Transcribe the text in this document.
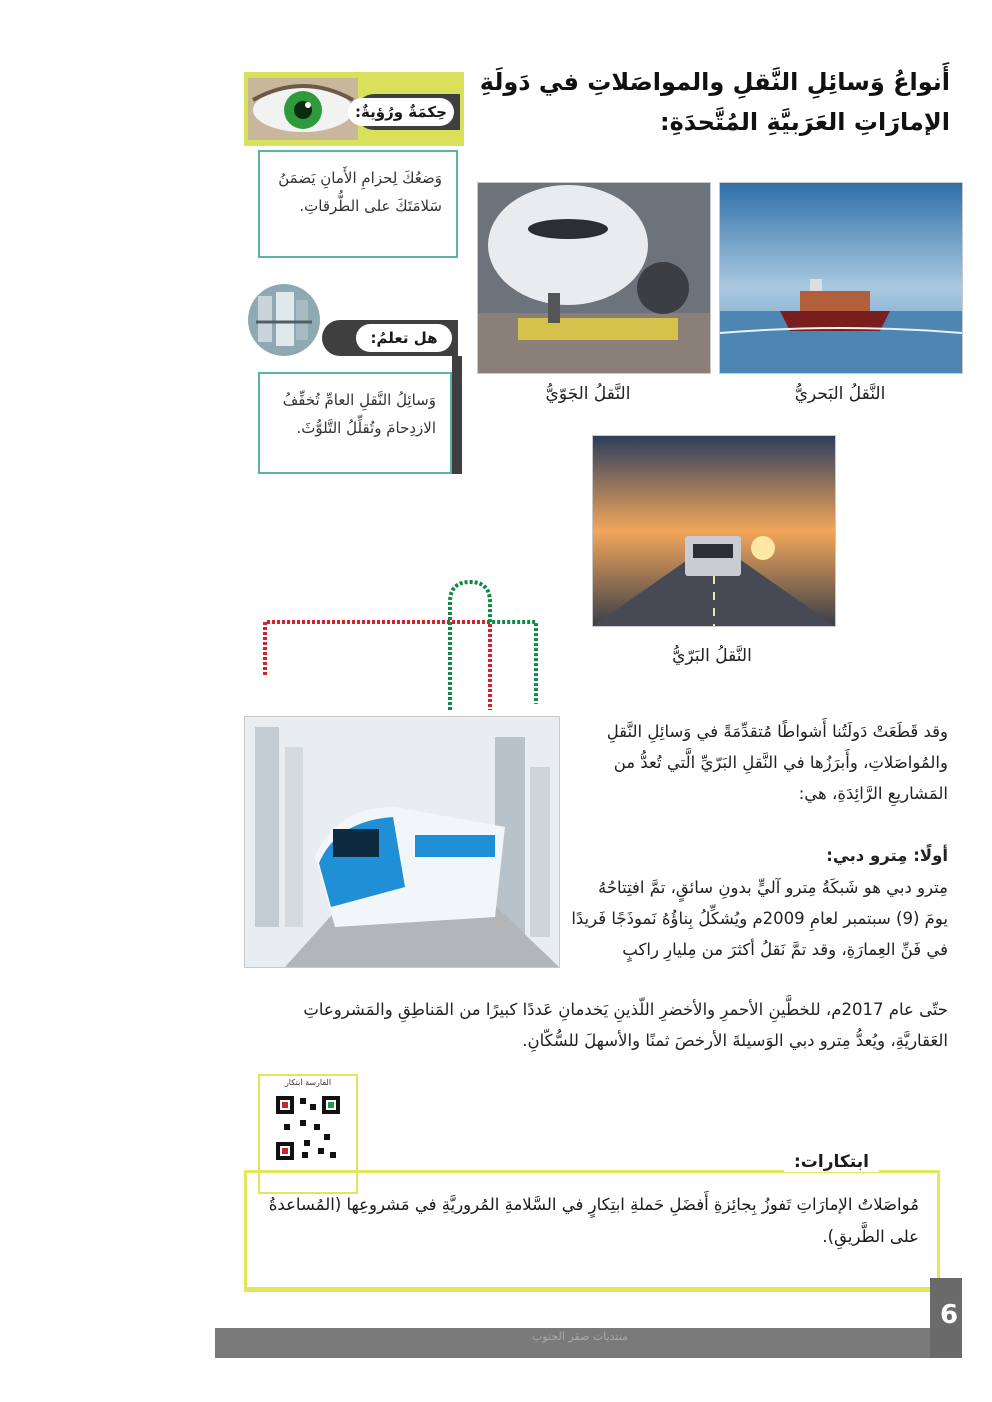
أَنواعُ وَسائِلِ النَّقلِ والمواصَلاتِ في دَولَةِ الإمارَاتِ العَرَبيَّةِ المُتَّحدَةِ:
حِكمَةٌ ورُؤيةٌ:
وَضعُكَ لِحزامِ الأَمانِ يَضمَنُ سَلامَتَكَ على الطُّرقاتِ.
هل تعلمُ:
وَسائِلُ النَّقلِ العامِّ تُخفِّفُ الازدِحامَ وتُقلِّلُ التَّلوُّثَ.
النَّقلُ البَحريُّ
النَّقلُ الجَوّيُّ
النَّقلُ البَرّيُّ
وقد قَطَعَتْ دَولَتُنا أَشواطًا مُتقدِّمَةً في وَسائِلِ النَّقلِ والمُواصَلاتِ، وأَبرَزُها في النَّقلِ البَرّيِّ الَّتي تُعدُّ من المَشاريعِ الرَّائِدَةِ، هي:
أولًا: مِترو دبي:
مِترو دبي هو شَبكَةُ مِترو آليٍّ بدونِ سائقٍ، تمَّ افتِتاحُهُ يومَ (9) سبتمبر لعامِ 2009م ويُشكِّلُ بِناؤُهُ نَموذَجًا فَريدًا في فَنِّ العِمارَةِ، وقد تمَّ نَقلُ أكثرَ من مِليارِ راكبٍ
حتّى عام 2017م، للخطَّينِ الأحمرِ والأخضرِ اللّذينِ يَخدمانِ عَددًا كبيرًا من المَناطِقِ والمَشروعاتِ العَقاريَّةِ، ويُعدُّ مِترو دبي الوَسيلةَ الأرخصَ ثمنًا والأسهلَ للسُّكّانِ.
الفارسة ابتكار
مُواصَلاتُ الإمارَاتِ تَفوزُ بِجائِزةِ أَفضَلِ حَملةِ ابتِكارٍ في السَّلامةِ المُروريَّةِ في مَشروعِها (المُساعدةُ على الطَّريقِ).
ابتكارات:
منتديات صقر الجنوب
6
